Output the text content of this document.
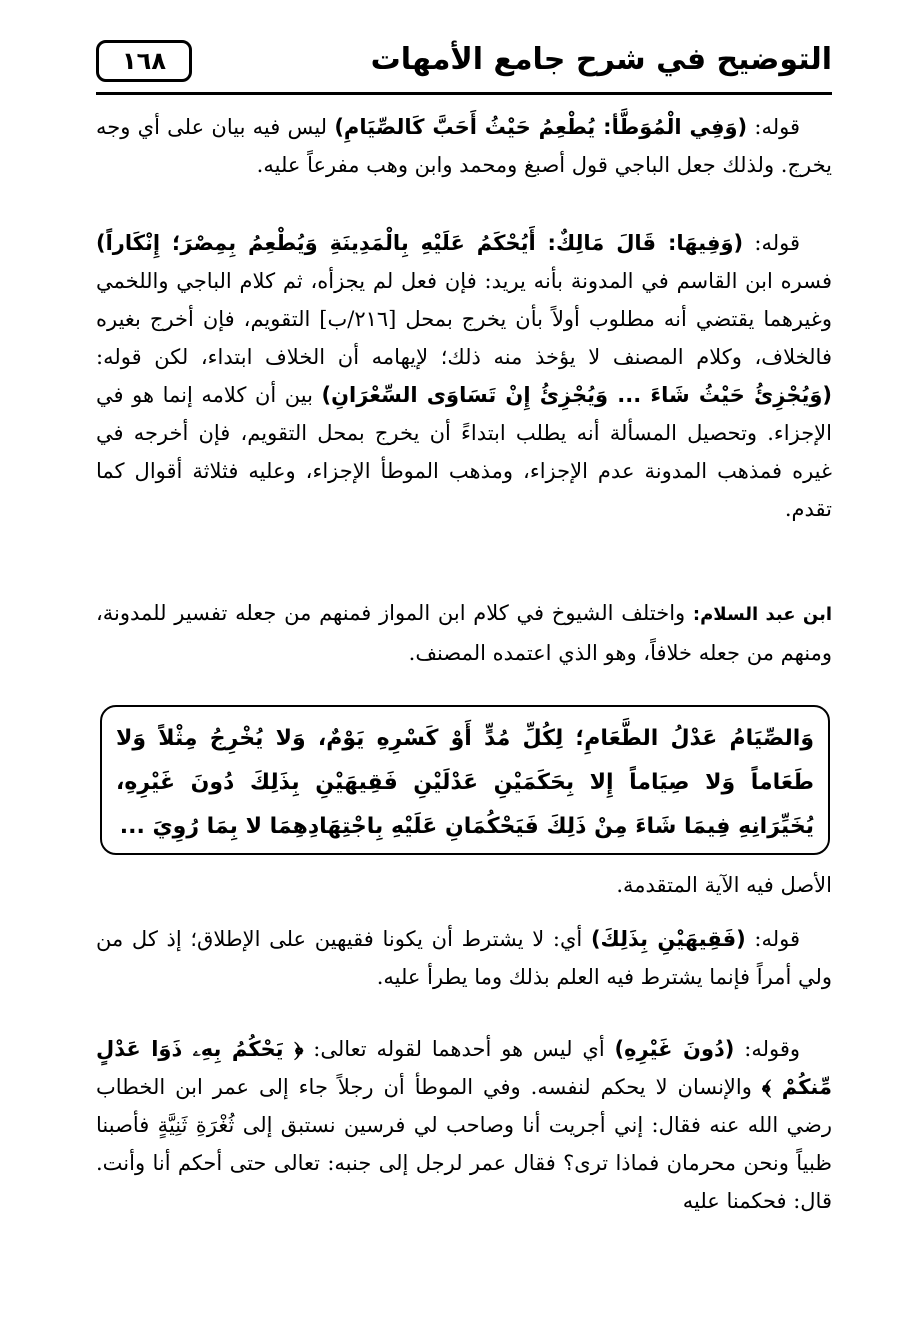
التوضيح في شرح جامع الأمهات
١٦٨

قوله: (وَفِي الْمُوَطَّأ: يُطْعِمُ حَيْثُ أَحَبَّ كَالصِّيَامِ) ليس فيه بيان على أي وجه يخرج. ولذلك جعل الباجي قول أصبغ ومحمد وابن وهب مفرعاً عليه.

قوله: (وَفِيهَا: قَالَ مَالِكٌ: أَيُحْكَمُ عَلَيْهِ بِالْمَدِينَةِ وَيُطْعِمُ بِمِصْرَ؛ إِنْكَاراً) فسره ابن القاسم في المدونة بأنه يريد: فإن فعل لم يجزأه، ثم كلام الباجي واللخمي وغيرهما يقتضي أنه مطلوب أولاً بأن يخرج بمحل [٢١٦/ب] التقويم، فإن أخرج بغيره فالخلاف، وكلام المصنف لا يؤخذ منه ذلك؛ لإيهامه أن الخلاف ابتداء، لكن قوله: (وَيُجْزِئُ حَيْثُ شَاءَ ... وَيُجْزِئُ إِنْ تَسَاوَى السِّعْرَانِ) بين أن كلامه إنما هو في الإجزاء. وتحصيل المسألة أنه يطلب ابتداءً أن يخرج بمحل التقويم، فإن أخرجه في غيره فمذهب المدونة عدم الإجزاء، ومذهب الموطأ الإجزاء، وعليه فثلاثة أقوال كما تقدم.

ابن عبد السلام: واختلف الشيوخ في كلام ابن المواز فمنهم من جعله تفسير للمدونة، ومنهم من جعله خلافاً، وهو الذي اعتمده المصنف.

وَالصِّيَامُ عَدْلُ الطَّعَامِ؛ لِكُلِّ مُدٍّ أَوْ كَسْرِهِ يَوْمٌ، وَلا يُخْرِجُ مِثْلاً وَلا طَعَاماً وَلا صِيَاماً إِلا بِحَكَمَيْنِ عَدْلَيْنِ فَقِيهَيْنِ بِذَلِكَ دُونَ غَيْرِهِ، يُخَيِّرَانِهِ فِيمَا شَاءَ مِنْ ذَلِكَ فَيَحْكُمَانِ عَلَيْهِ بِاجْتِهَادِهِمَا لا بِمَا رُوِيَ ...

الأصل فيه الآية المتقدمة.

قوله: (فَقِيهَيْنِ بِذَلِكَ) أي: لا يشترط أن يكونا فقيهين على الإطلاق؛ إذ كل من ولي أمراً فإنما يشترط فيه العلم بذلك وما يطرأ عليه.

وقوله: (دُونَ غَيْرِهِ) أي ليس هو أحدهما لقوله تعالى: ﴿ يَحْكُمُ بِهِۦ ذَوَا عَدْلٍ مِّنكُمْ ﴾ والإنسان لا يحكم لنفسه. وفي الموطأ أن رجلاً جاء إلى عمر ابن الخطاب رضي الله عنه فقال: إني أجريت أنا وصاحب لي فرسين نستبق إلى ثُغْرَةِ ثَنِيَّةٍ فأصبنا ظبياً ونحن محرمان فماذا ترى؟ فقال عمر لرجل إلى جنبه: تعالى حتى أحكم أنا وأنت. قال: فحكمنا عليه
